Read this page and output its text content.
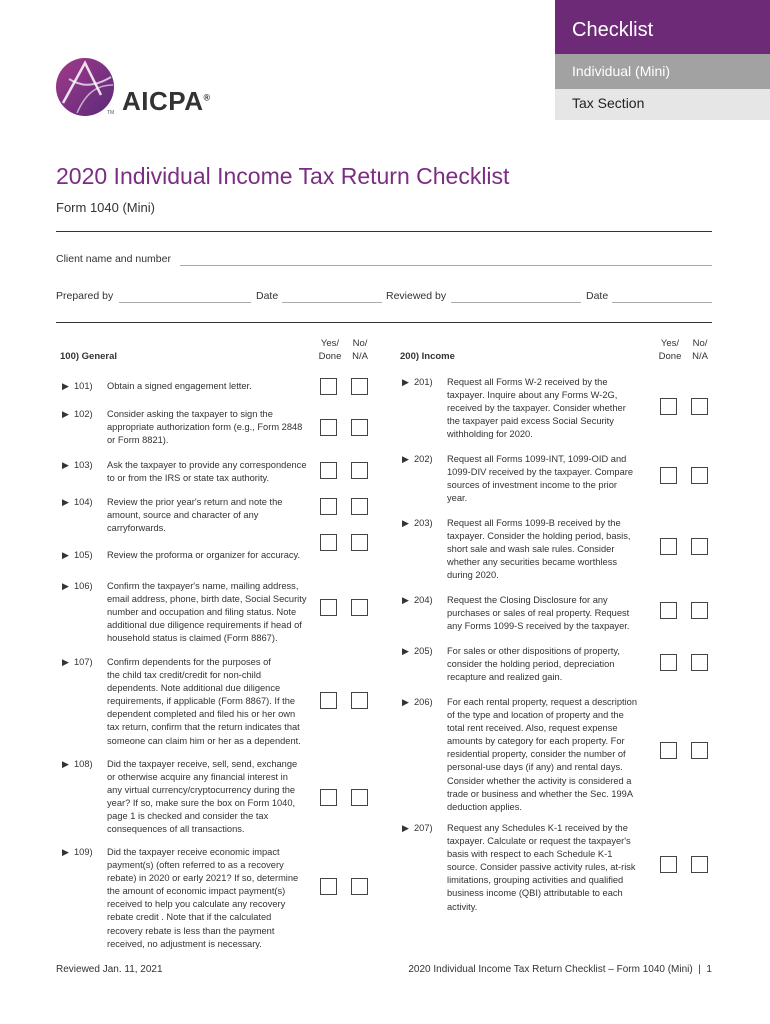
Checklist
Individual (Mini)
Tax Section
AICPA®
TM
2020 Individual Income Tax Return Checklist
Form 1040 (Mini)
Client name and number
Prepared by	Date	Reviewed by	Date
100) General
Yes/
Done
No/
N/A	200) Income
Yes/
Done
No/
N/A
▶ 101)	Obtain a signed engagement letter.
▶ 102)	Consider asking the taxpayer to sign the
appropriate authorization form (e.g., Form 2848
or Form 8821).
▶ 103)	Ask the taxpayer to provide any correspondence
to or from the IRS or state tax authority.
▶ 104)	Review the prior year's return and note the
amount, source and character of any
carryforwards.
▶ 105)	Review the proforma or organizer for accuracy.
▶ 106)	Confirm the taxpayer's name, mailing address,
email address, phone, birth date, Social Security
number and occupation and filing status. Note
additional due diligence requirements if head of
household status is claimed (Form 8867).
▶ 107)	Confirm dependents for the purposes of
the child tax credit/credit for non-child
dependents. Note additional due diligence
requirements, if applicable (Form 8867). If the
dependent completed and filed his or her own
tax return, confirm that the return indicates that
someone can claim him or her as a dependent.
▶ 108)	Did the taxpayer receive, sell, send, exchange
or otherwise acquire any financial interest in
any virtual currency/cryptocurrency during the
year? If so, make sure the box on Form 1040,
page 1 is checked and consider the tax
consequences of all transactions.
▶ 109)	Did the taxpayer receive economic impact
payment(s) (often referred to as a recovery
rebate) in 2020 or early 2021? If so, determine
the amount of economic impact payment(s)
received to help you calculate any recovery
rebate credit . Note that if the calculated
recovery rebate is less than the payment
received, no adjustment is necessary.
▶ 201)	Request all Forms W-2 received by the
taxpayer. Inquire about any Forms W-2G,
received by the taxpayer. Consider whether
the taxpayer paid excess Social Security
withholding for 2020.
▶ 202)	Request all Forms 1099-INT, 1099-OID and
1099-DIV received by the taxpayer. Compare
sources of investment income to the prior
year.
▶ 203)	Request all Forms 1099-B received by the
taxpayer. Consider the holding period, basis,
short sale and wash sale rules. Consider
whether any securities became worthless
during 2020.
▶ 204)	Request the Closing Disclosure for any
purchases or sales of real property. Request
any Forms 1099-S received by the taxpayer.
▶ 205)	For sales or other dispositions of property,
consider the holding period, depreciation
recapture and realized gain.
▶ 206)	For each rental property, request a description
of the type and location of property and the
total rent received. Also, request expense
amounts by category for each property. For
residential property, consider the number of
personal-use days (if any) and rental days.
Consider whether the activity is considered a
trade or business and whether the Sec. 199A
deduction applies.
▶ 207)	Request any Schedules K-1 received by the
taxpayer. Calculate or request the taxpayer's
basis with respect to each Schedule K-1
source. Consider passive activity rules, at-risk
limitations, grouping activities and qualified
business income (QBI) attributable to each
activity.
Reviewed Jan. 11, 2021	2020 Individual Income Tax Return Checklist – Form 1040 (Mini)  |  1
